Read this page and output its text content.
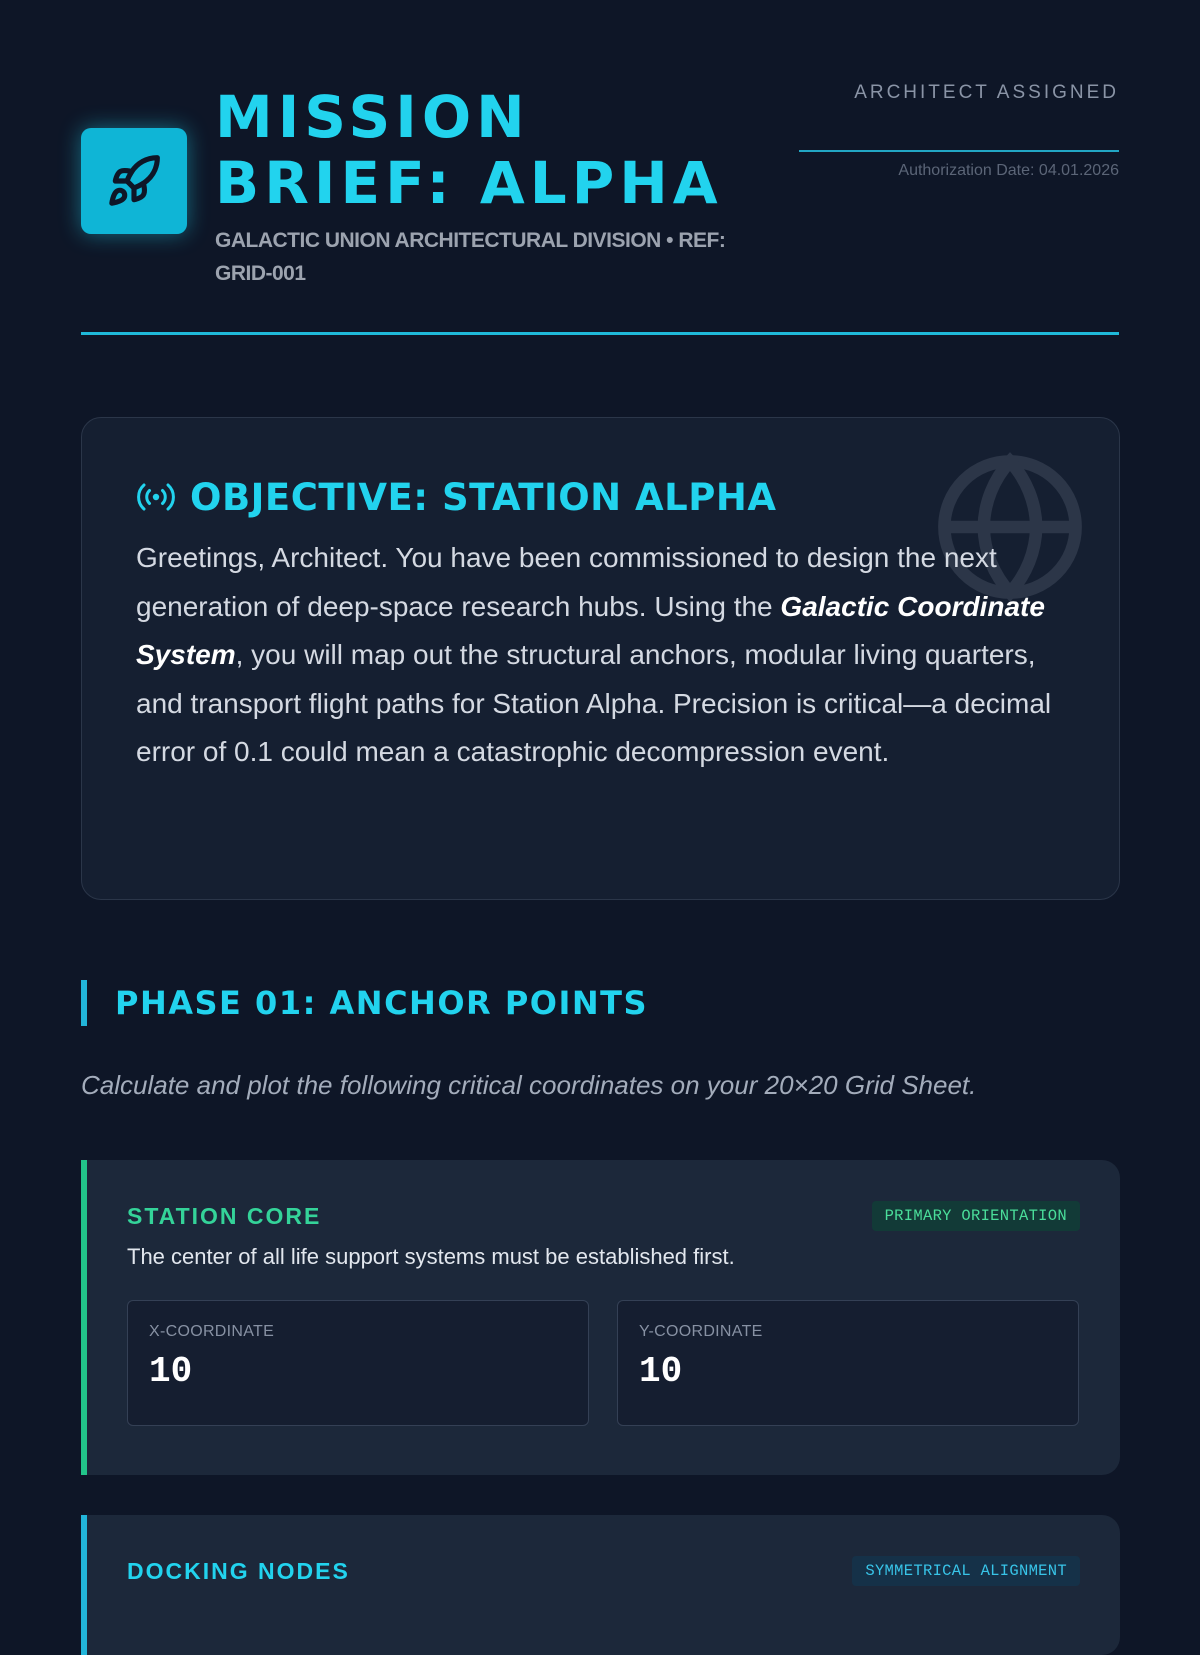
MISSION BRIEF: ALPHA
GALACTIC UNION ARCHITECTURAL DIVISION • REF: GRID-001
ARCHITECT ASSIGNED
Authorization Date: 04.01.2026
OBJECTIVE: STATION ALPHA

Greetings, Architect. You have been commissioned to design the next generation of deep-space research hubs. Using the Galactic Coordinate System, you will map out the structural anchors, modular living quarters, and transport flight paths for Station Alpha. Precision is critical—a decimal error of 0.1 could mean a catastrophic decompression event.

PHASE 01: ANCHOR POINTS
Calculate and plot the following critical coordinates on your 20×20 Grid Sheet.
STATION CORE	PRIMARY ORIENTATION
The center of all life support systems must be established first.
X-COORDINATE
10
Y-COORDINATE
10
DOCKING NODES	SYMMETRICAL ALIGNMENT
